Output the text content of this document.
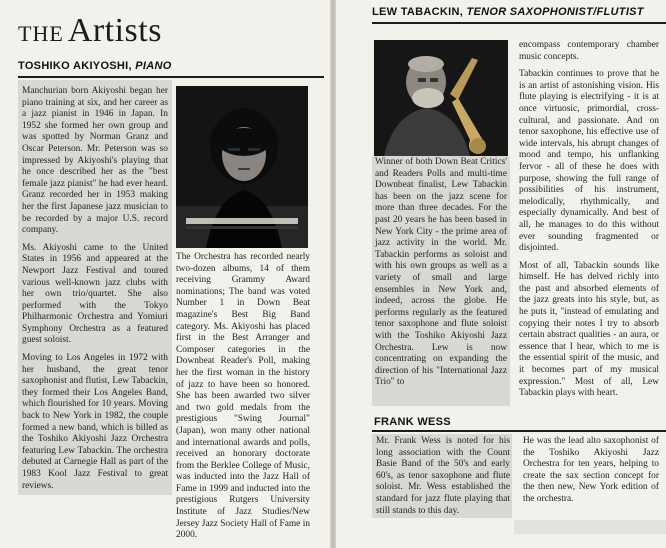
THE Artists
TOSHIKO AKIYOSHI, PIANO

Manchurian born Akiyoshi began her piano training at six, and her career as a jazz pianist in 1946 in Japan. In 1952 she formed her own group and was spotted by Norman Granz and Oscar Peterson. Mr. Peterson was so impressed by Akiyoshi's playing that he once described her as the "best female jazz pianist" he had ever heard. Granz recorded her in 1953 making her the first Japanese jazz musician to be recorded by a major U.S. record company.

Ms. Akiyoshi came to the United States in 1956 and appeared at the Newport Jazz Festival and toured various well-known jazz clubs with her own trio/quartet. She also performed with the Tokyo Philharmonic Orchestra and Yomiuri Symphony Orchestra as a featured guest soloist.

Moving to Los Angeles in 1972 with her husband, the great tenor saxophonist and flutist, Lew Tabackin, they formed their Los Angeles Band, which flourished for 10 years. Moving back to New York in 1982, the couple formed a new band, which is billed as the Toshiko Akiyoshi Jazz Orchestra featuring Lew Tabackin. The orchestra debuted at Carnegie Hall as part of the 1983 Kool Jazz Festival to great reviews.

The Orchestra has recorded nearly two-dozen albums, 14 of them receiving Grammy Award nominations; The band was voted Number 1 in Down Beat magazine's Best Big Band category. Ms. Akiyoshi has placed first in the Best Arranger and Composer categories in the Downbeat Reader's Poll, making her the first woman in the history of jazz to have been so honored. She has been awarded two silver and two gold medals from the prestigious "Swing Journal" (Japan), won many other national and international awards and polls, received an honorary doctorate from the Berklee College of Music, was inducted into the Jazz Hall of Fame in 1999 and inducted into the prestigious Rutgers University Institute of Jazz Studies/New Jersey Jazz Society Hall of Fame in 2000.

LEW TABACKIN, TENOR SAXOPHONIST/FLUTIST

Winner of both Down Beat Critics' and Readers Polls and multi-time Downbeat finalist, Lew Tabackin has been on the jazz scene for more than three decades. For the past 20 years he has been based in New York City - the prime area of jazz activity in the world. Mr. Tabackin performs as soloist and with his own groups as well as a variety of small and large ensembles in New York and, indeed, across the globe. He performs regularly as the featured tenor saxophone and flute soloist with the Toshiko Akiyoshi Jazz Orchestra. Lew is now concentrating on expanding the direction of his "International Jazz Trio" to

encompass contemporary chamber music concepts.

Tabackin continues to prove that he is an artist of astonishing vision. His flute playing is electrifying - it is at once virtuosic, primordial, cross-cultural, and passionate. And on tenor saxophone, his effective use of wide intervals, his abrupt changes of mood and tempo, his unflanking fervor - all of these he does with purpose, showing the full range of possibilities of his instrument, melodically, rhythmically, and especially dynamically. And best of all, he manages to do this without ever sounding fragmented or disjointed.

Most of all, Tabackin sounds like himself. He has delved richly into the past and absorbed elements of the jazz greats into his style, but, as he puts it, "instead of emulating and copying their notes I try to absorb certain abstract qualities - an aura, or essence that I hear, which to me is the essential spirit of the music, and it becomes part of my musical expression." Most of all, Lew Tabackin plays with heart.

FRANK WESS

Mr. Frank Wess is noted for his long association with the Count Basie Band of the 50's and early 60's, as tenor saxophone and flute soloist. Mr. Wess established the standard for jazz flute playing that still stands to this day.

He was the lead alto saxophonist of the Toshiko Akiyoshi Jazz Orchestra for ten years, helping to create the sax section concept for the then new, New York edition of the orchestra.
